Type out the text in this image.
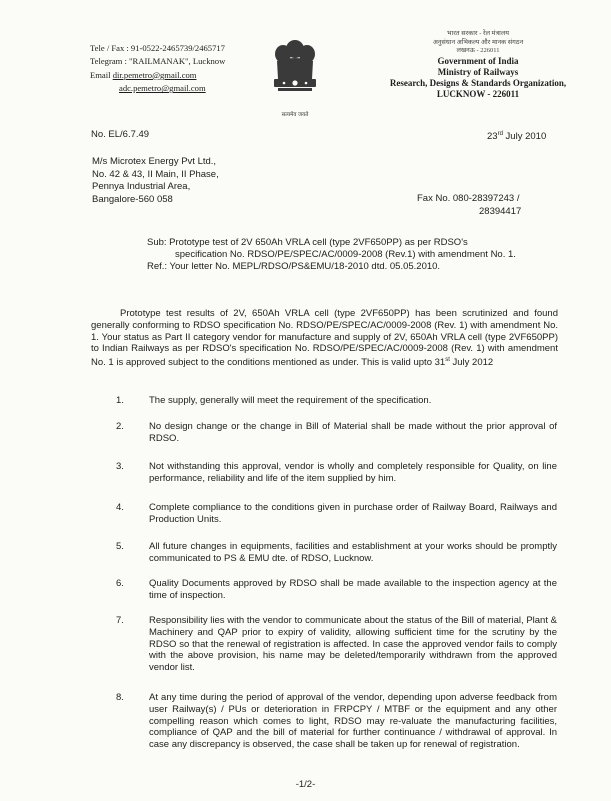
Tele / Fax : 91-0522-2465739/2465717
Telegram : "RAILMANAK", Lucknow
Email dir.pemetro@gmail.com
adc.pemetro@gmail.com
सत्यमेव जयते
भारत सरकार - रेल मंत्रालय
अनुसंधान अभिकल्प और मानक संगठन
लखनऊ - 226011
Government of India
Ministry of Railways
Research, Designs & Standards Organization,
LUCKNOW - 226011
No. EL/6.7.49	23rd July 2010
M/s Microtex Energy Pvt Ltd.,
No. 42 & 43, II Main, II Phase,
Pennya Industrial Area,
Bangalore-560 058	Fax No. 080-28397243 /
28394417
Sub: Prototype test of 2V 650Ah VRLA cell (type 2VF650PP) as per RDSO's
specification No. RDSO/PE/SPEC/AC/0009-2008 (Rev.1) with amendment No. 1.
Ref.: Your letter No. MEPL/RDSO/PS&EMU/18-2010 dtd. 05.05.2010.
Prototype test results of 2V, 650Ah VRLA cell (type 2VF650PP) has been scrutinized and found generally conforming to RDSO specification No. RDSO/PE/SPEC/AC/0009-2008 (Rev. 1) with amendment No. 1. Your status as Part II category vendor for manufacture and supply of 2V, 650Ah VRLA cell (type 2VF650PP) to Indian Railways as per RDSO's specification No. RDSO/PE/SPEC/AC/0009-2008 (Rev. 1) with amendment No. 1 is approved subject to the conditions mentioned as under. This is valid upto 31st July 2012
1.	The supply, generally will meet the requirement of the specification.
2.	No design change or the change in Bill of Material shall be made without the prior approval of RDSO.
3.	Not withstanding this approval, vendor is wholly and completely responsible for Quality, on line performance, reliability and life of the item supplied by him.
4.	Complete compliance to the conditions given in purchase order of Railway Board, Railways and Production Units.
5.	All future changes in equipments, facilities and establishment at your works should be promptly communicated to PS & EMU dte. of RDSO, Lucknow.
6.	Quality Documents approved by RDSO shall be made available to the inspection agency at the time of inspection.
7.	Responsibility lies with the vendor to communicate about the status of the Bill of material, Plant & Machinery and QAP prior to expiry of validity, allowing sufficient time for the scrutiny by the RDSO so that the renewal of registration is affected. In case the approved vendor fails to comply with the above provision, his name may be deleted/temporarily withdrawn from the approved vendor list.
8.	At any time during the period of approval of the vendor, depending upon adverse feedback from user Railway(s) / PUs or deterioration in FRPCPY / MTBF or the equipment and any other compelling reason which comes to light, RDSO may re-valuate the manufacturing facilities, compliance of QAP and the bill of material for further continuance / withdrawal of approval. In case any discrepancy is observed, the case shall be taken up for renewal of registration.
-1/2-
